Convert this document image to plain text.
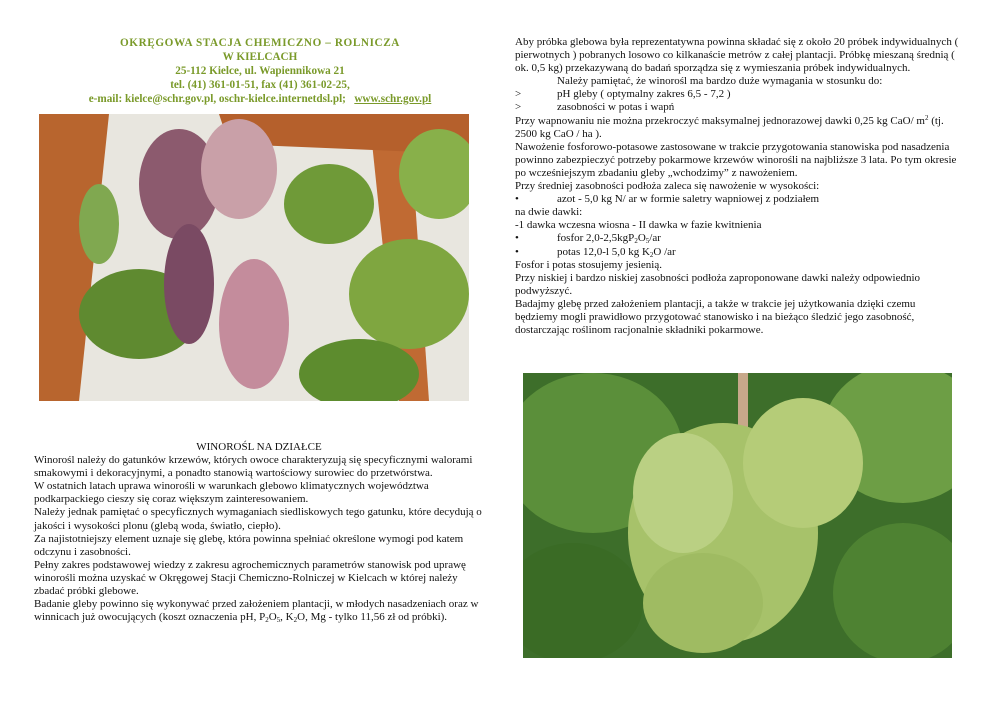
OKRĘGOWA STACJA CHEMICZNO – ROLNICZA
W KIELCACH
25-112 Kielce, ul. Wapiennikowa 21
tel. (41) 361-01-51, fax (41) 361-02-25,
e-mail: kielce@schr.gov.pl, oschr-kielce.internetdsl.pl; www.schr.gov.pl

WINOROŚL NA DZIAŁCE

Winorośl należy do gatunków krzewów, których owoce charakteryzują się specyficznymi walorami smakowymi i dekoracyjnymi, a ponadto stanowią wartościowy surowiec do przetwórstwa.

W ostatnich latach uprawa winorośli w warunkach glebowo klimatycznych województwa podkarpackiego cieszy się coraz większym zainteresowaniem.

Należy jednak pamiętać o specyficznych wymaganiach siedliskowych tego gatunku, które decydują o jakości i wysokości plonu (glebą woda, światło, ciepło).

Za najistotniejszy element uznaje się glebę, która powinna spełniać określone wymogi pod katem odczynu i zasobności.

Pełny zakres podstawowej wiedzy z zakresu agrochemicznych parametrów stanowisk pod uprawę winorośli można uzyskać w Okręgowej Stacji Chemiczno-Rolniczej w Kielcach w której należy zbadać próbki glebowe.

Badanie gleby powinno się wykonywać przed założeniem plantacji, w młodych nasadzeniach oraz w winnicach już owocujących (koszt oznaczenia pH, $P_2O_5$, $K_2O$, Mg - tylko 11,56 zł od próbki).

Aby próbka glebowa była reprezentatywna powinna składać się z około 20 próbek indywidualnych ( pierwotnych ) pobranych losowo co kilkanaście metrów z całej plantacji. Próbkę mieszaną średnią ( ok. 0,5 kg) przekazywaną do badań sporządza się z wymieszania próbek indywidualnych.

Należy pamiętać, że winorośl ma bardzo duże wymagania w stosunku do:

>	pH gleby ( optymalny zakres 6,5 - 7,2 )
>	zasobności w potas i wapń

Przy wapnowaniu nie można przekroczyć maksymalnej jednorazowej dawki 0,25 kg CaO/ $m^2$ (tj. 2500 kg CaO / ha ).

Nawożenie fosforowo-potasowe zastosowane w trakcie przygotowania stanowiska pod nasadzenia powinno zabezpieczyć potrzeby pokarmowe krzewów winorośli na najbliższe 3 lata. Po tym okresie po wcześniejszym zbadaniu gleby „wchodzimy” z nawożeniem.

Przy średniej zasobności podłoża zaleca się nawożenie w wysokości:

•	azot - 5,0 kg N/ ar w formie saletry wapniowej z podziałem

na dwie dawki:

-1 dawka wczesna wiosna - II dawka w fazie kwitnienia

•	fosfor $2,0-2,5kgP_2O_5/ar$
•	potas 12,0-l 5,0 kg $K_2O$ /ar

Fosfor i potas stosujemy jesienią.

Przy niskiej i bardzo niskiej zasobności podłoża zaproponowane dawki należy odpowiednio podwyższyć.

Badajmy glebę przed założeniem plantacji, a także w trakcie jej użytkowania dzięki czemu będziemy mogli prawidłowo przygotować stanowisko i na bieżąco śledzić jego zasobność, dostarczając roślinom racjonalnie składniki pokarmowe.
